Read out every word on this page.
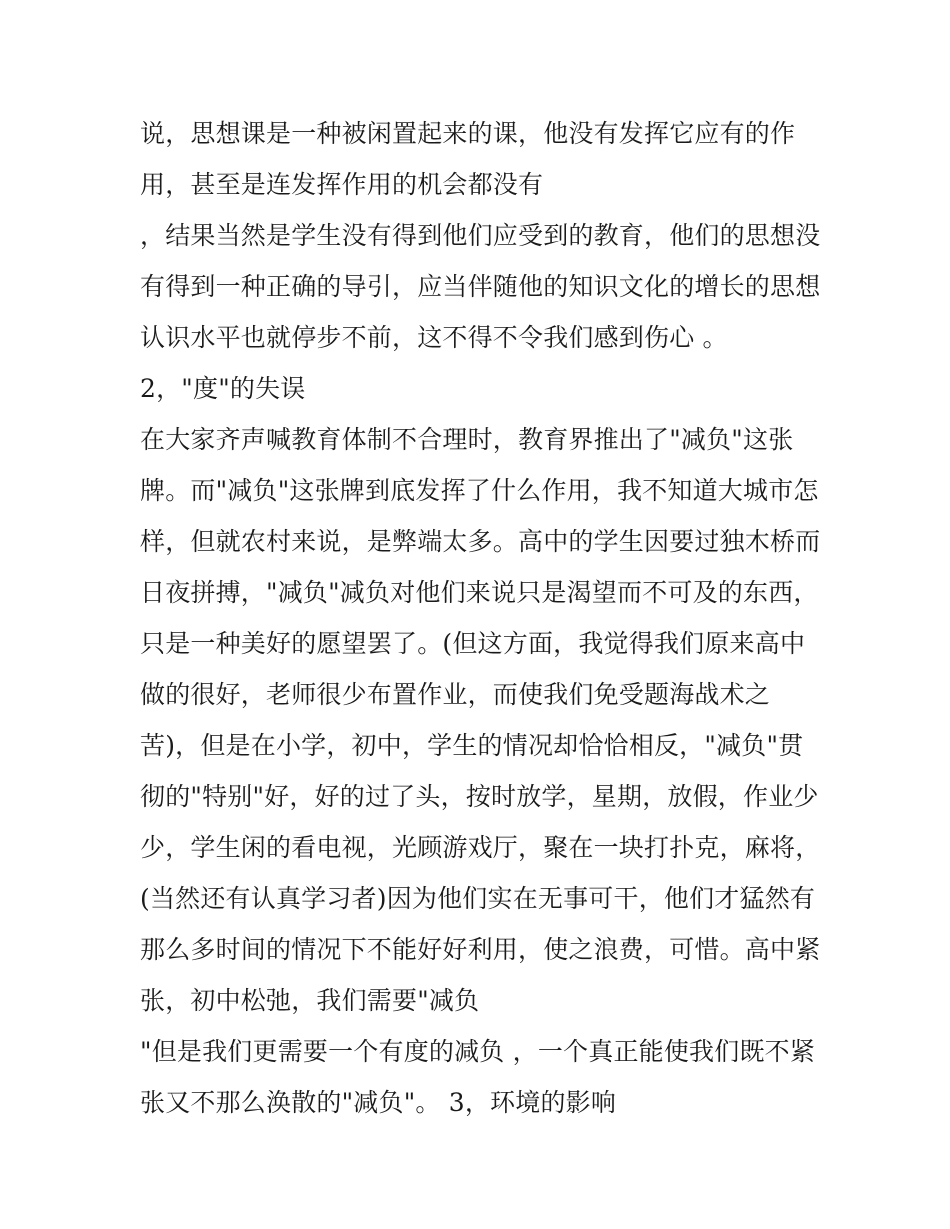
说，思想课是一种被闲置起来的课，他没有发挥它应有的作
用，甚至是连发挥作用的机会都没有
，结果当然是学生没有得到他们应受到的教育，他们的思想没
有得到一种正确的导引，应当伴随他的知识文化的增长的思想
认识水平也就停步不前，这不得不令我们感到伤心 。
2，"度"的失误
在大家齐声喊教育体制不合理时，教育界推出了"减负"这张
牌。而"减负"这张牌到底发挥了什么作用，我不知道大城市怎
样，但就农村来说，是弊端太多。高中的学生因要过独木桥而
日夜拼搏，"减负"减负对他们来说只是渴望而不可及的东西，
只是一种美好的愿望罢了。(但这方面，我觉得我们原来高中
做的很好，老师很少布置作业，而使我们免受题海战术之
苦)，但是在小学，初中，学生的情况却恰恰相反，"减负"贯
彻的"特别"好，好的过了头，按时放学，星期，放假，作业少
少，学生闲的看电视，光顾游戏厅，聚在一块打扑克，麻将，
(当然还有认真学习者)因为他们实在无事可干，他们才猛然有
那么多时间的情况下不能好好利用，使之浪费，可惜。高中紧
张，初中松弛，我们需要"减负
"但是我们更需要一个有度的减负 ，一个真正能使我们既不紧
张又不那么涣散的"减负"。 3，环境的影响
